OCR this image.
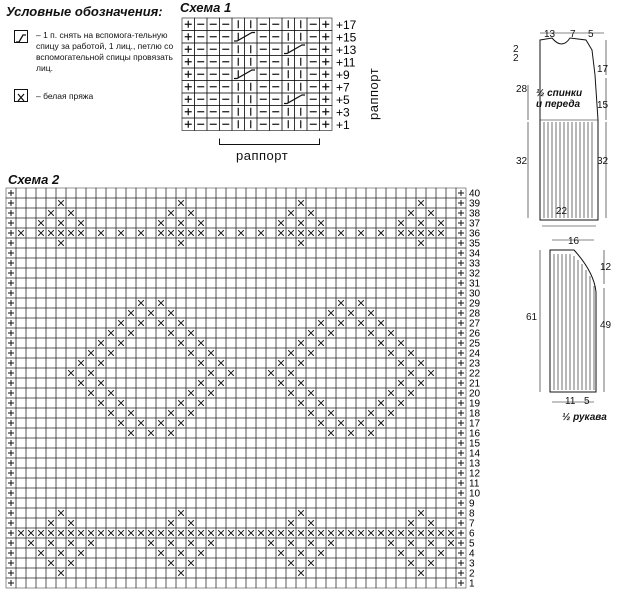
Условные обозначения:
– 1 п. снять на вспомога-тельную спицу за работой, 1 лиц., петлю со вспомогательной спицы провязать лиц.
– белая пряжа
Схема 1
+17
+15
+13
+11
+9
+7
+5
+3
+1
раппорт
раппорт
Схема 2
40
39
38
37
36
35
34
33
32
31
30
29
28
27
26
25
24
23
22
21
20
19
18
17
16
15
14
13
12
11
10
9
8
7
6
5
4
3
2
1
13 7 5
2
2
17
15
32
28
32
22
½ спинки
и переда
16
12
49
61
11 5
½ рукава
